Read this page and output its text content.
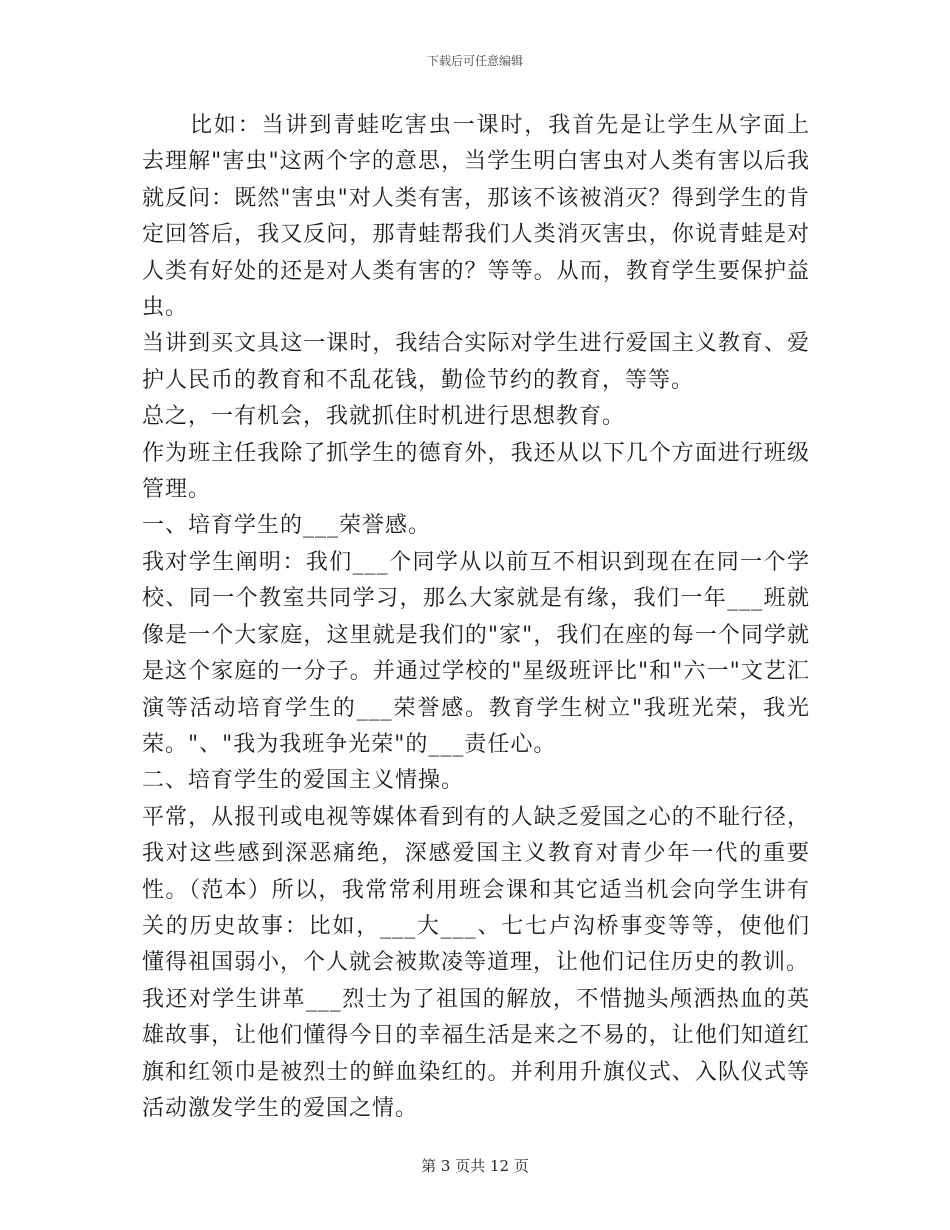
下载后可任意编辑

比如：当讲到青蛙吃害虫一课时，我首先是让学生从字面上去理解"害虫"这两个字的意思，当学生明白害虫对人类有害以后我就反问：既然"害虫"对人类有害，那该不该被消灭？得到学生的肯定回答后，我又反问，那青蛙帮我们人类消灭害虫，你说青蛙是对人类有好处的还是对人类有害的？等等。从而，教育学生要保护益虫。

当讲到买文具这一课时，我结合实际对学生进行爱国主义教育、爱护人民币的教育和不乱花钱，勤俭节约的教育，等等。

总之，一有机会，我就抓住时机进行思想教育。

作为班主任我除了抓学生的德育外，我还从以下几个方面进行班级管理。

一、培育学生的___荣誉感。

我对学生阐明：我们___个同学从以前互不相识到现在在同一个学校、同一个教室共同学习，那么大家就是有缘，我们一年___班就像是一个大家庭，这里就是我们的"家"，我们在座的每一个同学就是这个家庭的一分子。并通过学校的"星级班评比"和"六一"文艺汇演等活动培育学生的___荣誉感。教育学生树立"我班光荣，我光荣。"、"我为我班争光荣"的___责任心。

二、培育学生的爱国主义情操。

平常，从报刊或电视等媒体看到有的人缺乏爱国之心的不耻行径，我对这些感到深恶痛绝，深感爱国主义教育对青少年一代的重要性。（范本）所以，我常常利用班会课和其它适当机会向学生讲有关的历史故事：比如，___大___、七七卢沟桥事变等等，使他们懂得祖国弱小，个人就会被欺凌等道理，让他们记住历史的教训。

我还对学生讲革___烈士为了祖国的解放，不惜抛头颅洒热血的英雄故事，让他们懂得今日的幸福生活是来之不易的，让他们知道红旗和红领巾是被烈士的鲜血染红的。并利用升旗仪式、入队仪式等活动激发学生的爱国之情。

第 3 页共 12 页
